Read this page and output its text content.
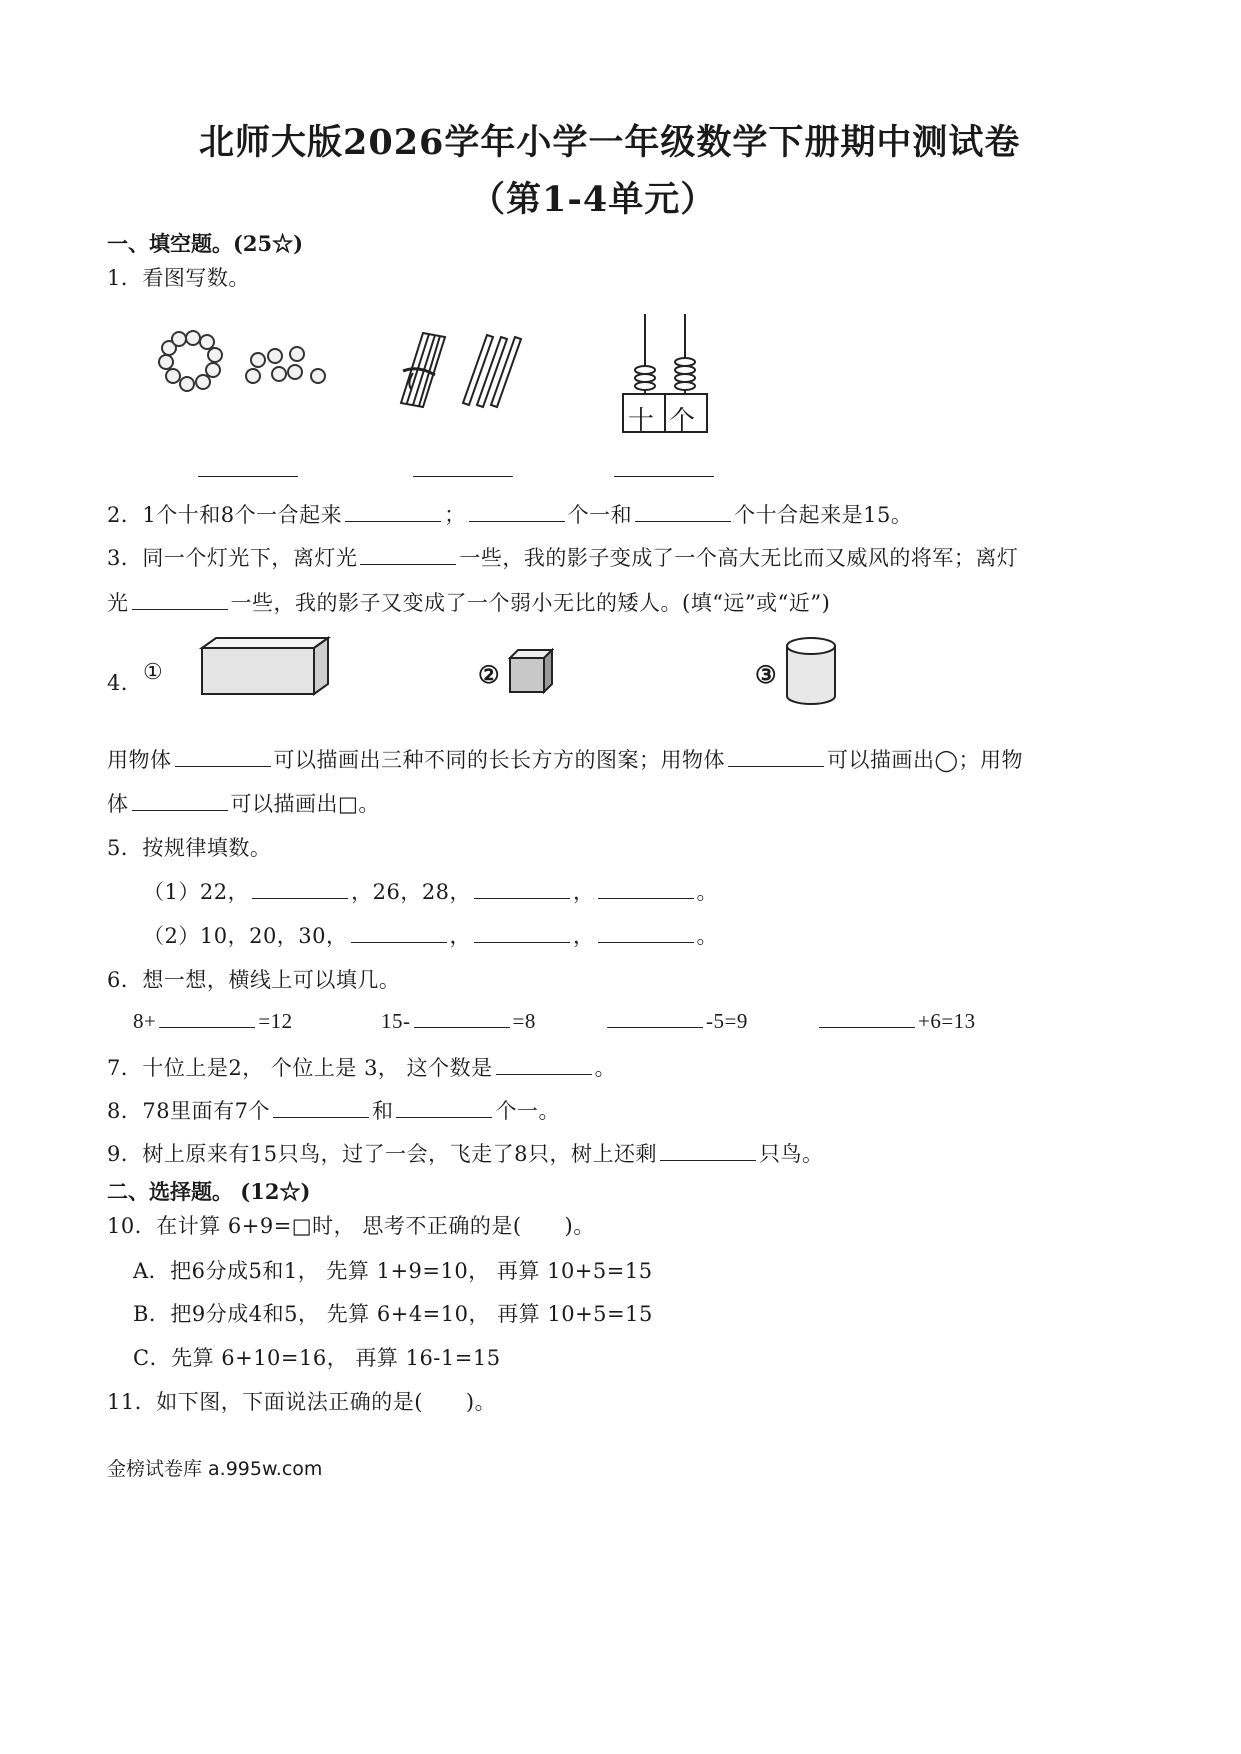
北师大版2026学年小学一年级数学下册期中测试卷
（第1-4单元）
一、填空题。(25☆)
1．看图写数。
十 个
2．1个十和8个一合起来	；	个一和	个十合起来是15。
3．同一个灯光下，离灯光	一些，我的影子变成了一个高大无比而又威风的将军；离灯
光	一些，我的影子又变成了一个弱小无比的矮人。(填“远”或“近”)
4． ①	②	③
用物体	可以描画出三种不同的长长方方的图案；用物体	可以描画出◯；用物
体	可以描画出□。
5．按规律填数。
（1）22，	，26，28，	，	。
（2）10，20，30，	，	，	。
6．想一想，横线上可以填几。
8+	=12	15-	=8	-5=9	+6=13
7．十位上是2， 个位上是 3， 这个数是	。
8．78里面有7个	和	个一。
9．树上原来有15只鸟，过了一会，飞走了8只，树上还剩	只鸟。
二、选择题。 (12☆)
10．在计算 6+9=□时， 思考不正确的是(　　)。
A．把6分成5和1， 先算 1+9=10， 再算 10+5=15
B．把9分成4和5， 先算 6+4=10， 再算 10+5=15
C．先算 6+10=16， 再算 16-1=15
11．如下图，下面说法正确的是(　　)。
金榜试卷库 a.995w.com
